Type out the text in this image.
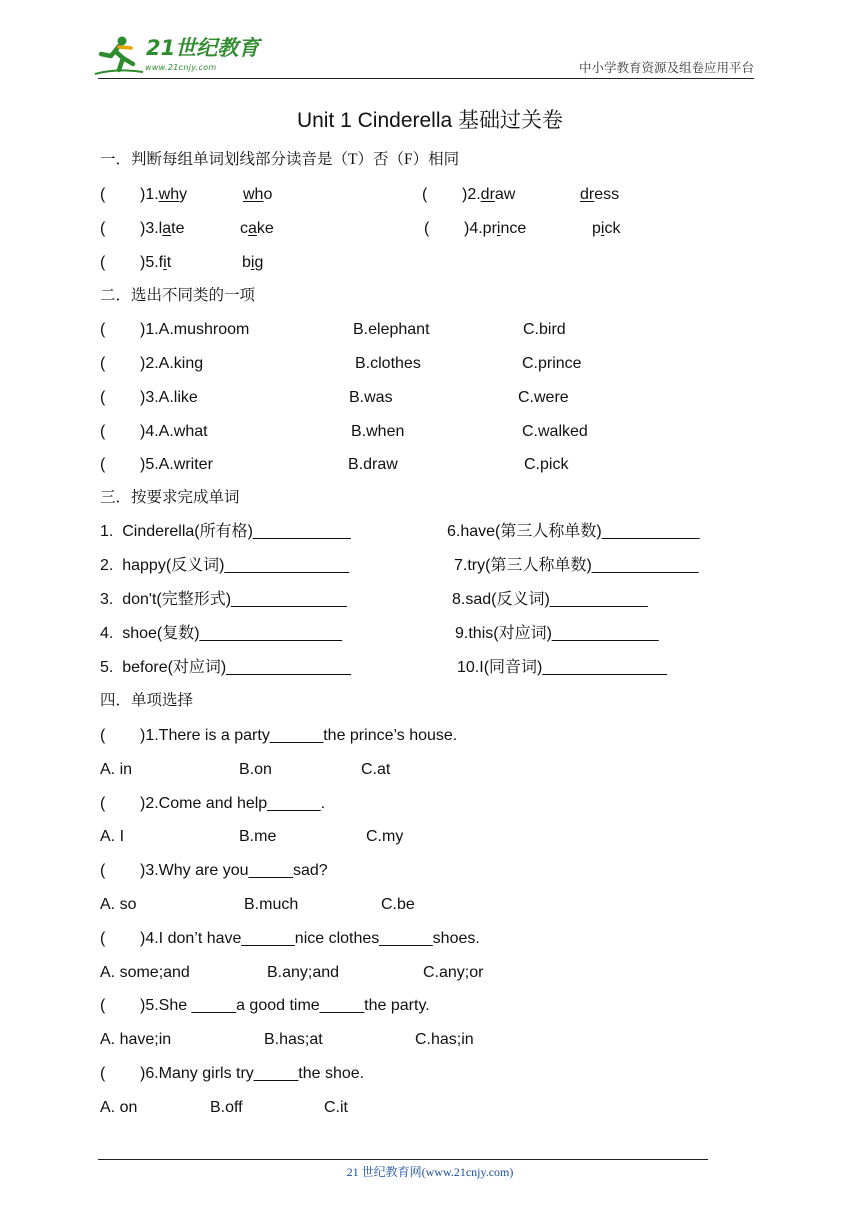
21世纪教育
www.21cnjy.com	中小学教育资源及组卷应用平台
Unit 1 Cinderella 基础过关卷
一．判断每组单词划线部分读音是（T）否（F）相同
( )1.why	who	( )2.draw	dress
( )3.late	cake	( )4.prince	pick
( )5.fit	big
二．选出不同类的一项
( )1.A.mushroom	B.elephant	C.bird
( )2.A.king	B.clothes	C.prince
( )3.A.like	B.was	C.were
( )4.A.what	B.when	C.walked
( )5.A.writer	B.draw	C.pick
三．按要求完成单词
1.  Cinderella(所有格)___________	6.have(第三人称单数)___________
2.  happy(反义词)______________	7.try(第三人称单数)____________
3.  don't(完整形式)_____________	8.sad(反义词)___________
4.  shoe(复数)________________	9.this(对应词)____________
5.  before(对应词)______________	10.I(同音词)______________
四．单项选择
( )1.There is a party______the prince’s house.
A. in	B.on	C.at
( )2.Come and help______.
A. I	B.me	C.my
( )3.Why are you_____sad?
A. so	B.much	C.be
( )4.I don’t have______nice clothes______shoes.
A. some;and	B.any;and	C.any;or
( )5.She _____a good time_____the party.
A. have;in	B.has;at	C.has;in
( )6.Many girls try_____the shoe.
A. on	B.off	C.it
21 世纪教育网(www.21cnjy.com)
